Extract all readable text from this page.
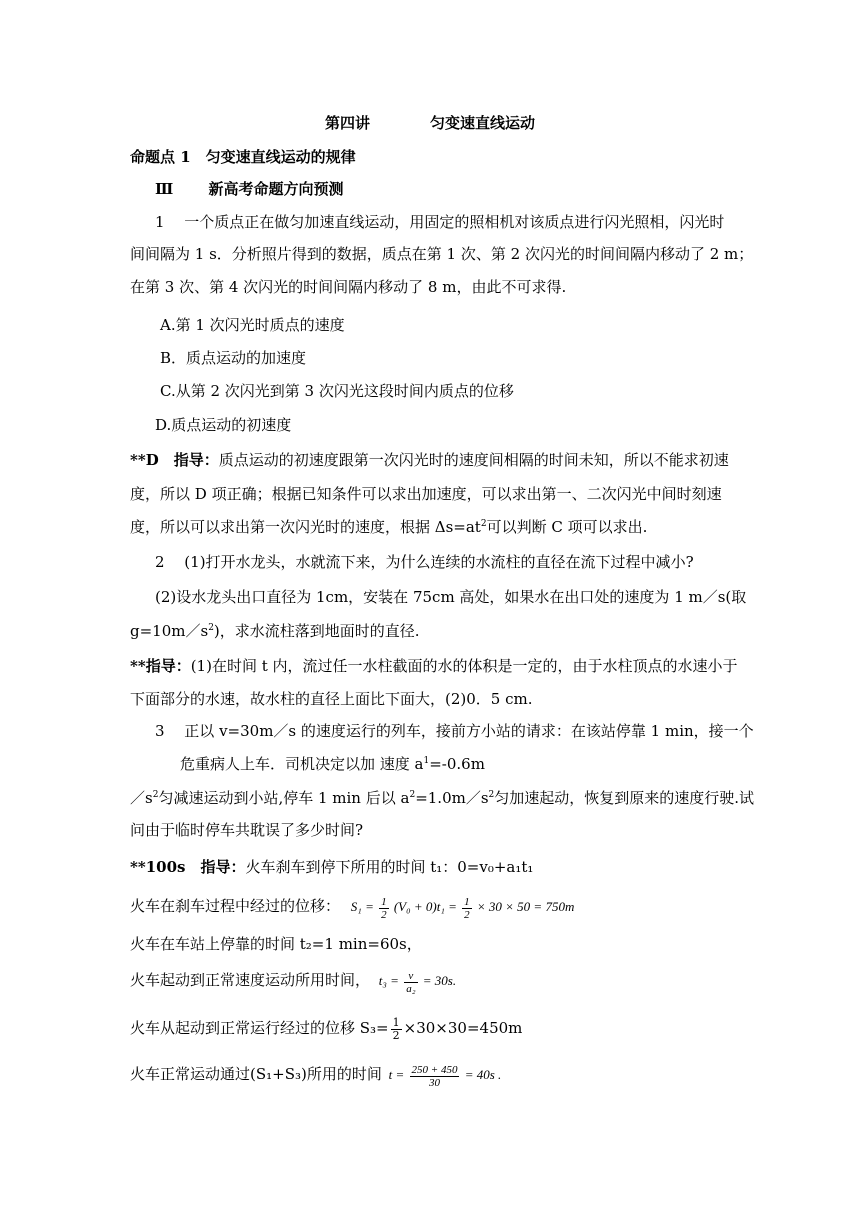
第四讲	匀变速直线运动
命题点 1　匀变速直线运动的规律
Ⅲ　　 新高考命题方向预测
1　 一个质点正在做匀加速直线运动，用固定的照相机对该质点进行闪光照相，闪光时
间间隔为 1 s．分析照片得到的数据，质点在第 1 次、第 2 次闪光的时间间隔内移动了 2 m；
在第 3 次、第 4 次闪光的时间间隔内移动了 8 m，由此不可求得.
A.第 1 次闪光时质点的速度
B．质点运动的加速度
C.从第 2 次闪光到第 3 次闪光这段时间内质点的位移
D.质点运动的初速度
**D　指导：质点运动的初速度跟第一次闪光时的速度间相隔的时间未知，所以不能求初速
度，所以 D 项正确；根据已知条件可以求出加速度，可以求出第一、二次闪光中间时刻速
度，所以可以求出第一次闪光时的速度，根据 $\Delta s=at^2$可以判断 C 项可以求出.
2　 (1)打开水龙头，水就流下来，为什么连续的水流柱的直径在流下过程中减小?
(2)设水龙头出口直径为 1cm，安装在 75cm 高处，如果水在出口处的速度为 1 m／s(取
$g=10m/s^2$)，求水流柱落到地面时的直径.
**指导：(1)在时间 t 内，流过任一水柱截面的水的体积是一定的，由于水柱顶点的水速小于
下面部分的水速，故水柱的直径上面比下面大，(2)0．5 cm.
3　 正以 v=30m／s 的速度运行的列车，接前方小站的请求：在该站停靠 1 min，接一个
危重病人上车．司机决定以加 速度 $a^1=-0.6m$
$/s^2$匀减速运动到小站,停车 1 min 后以 $a^2=1.0m/s^2$匀加速起动，恢复到原来的速度行驶.试
问由于临时停车共耽误了多少时间?
**100s　指导：火车刹车到停下所用的时间 t₁：0=v₀+a₁t₁
火车在刹车过程中经过的位移： $S_1 = \frac{1}{2} (V_0 + 0)t_1 = \frac{1}{2} \times 30 \times 50 = 750m$
火车在车站上停靠的时间 t₂=1 min=60s，
火车起动到正常速度运动所用时间， $t_3 = \frac{v}{\text{a₂}} = 30s$.
火车从起动到正常运行经过的位移 $S_3= \frac{1}{2} \times 30\times 30=450m$
火车正常运动通过(S₁+S₃)所用的时间 $t = \frac{250 + 450}{30} = 40s$ .
